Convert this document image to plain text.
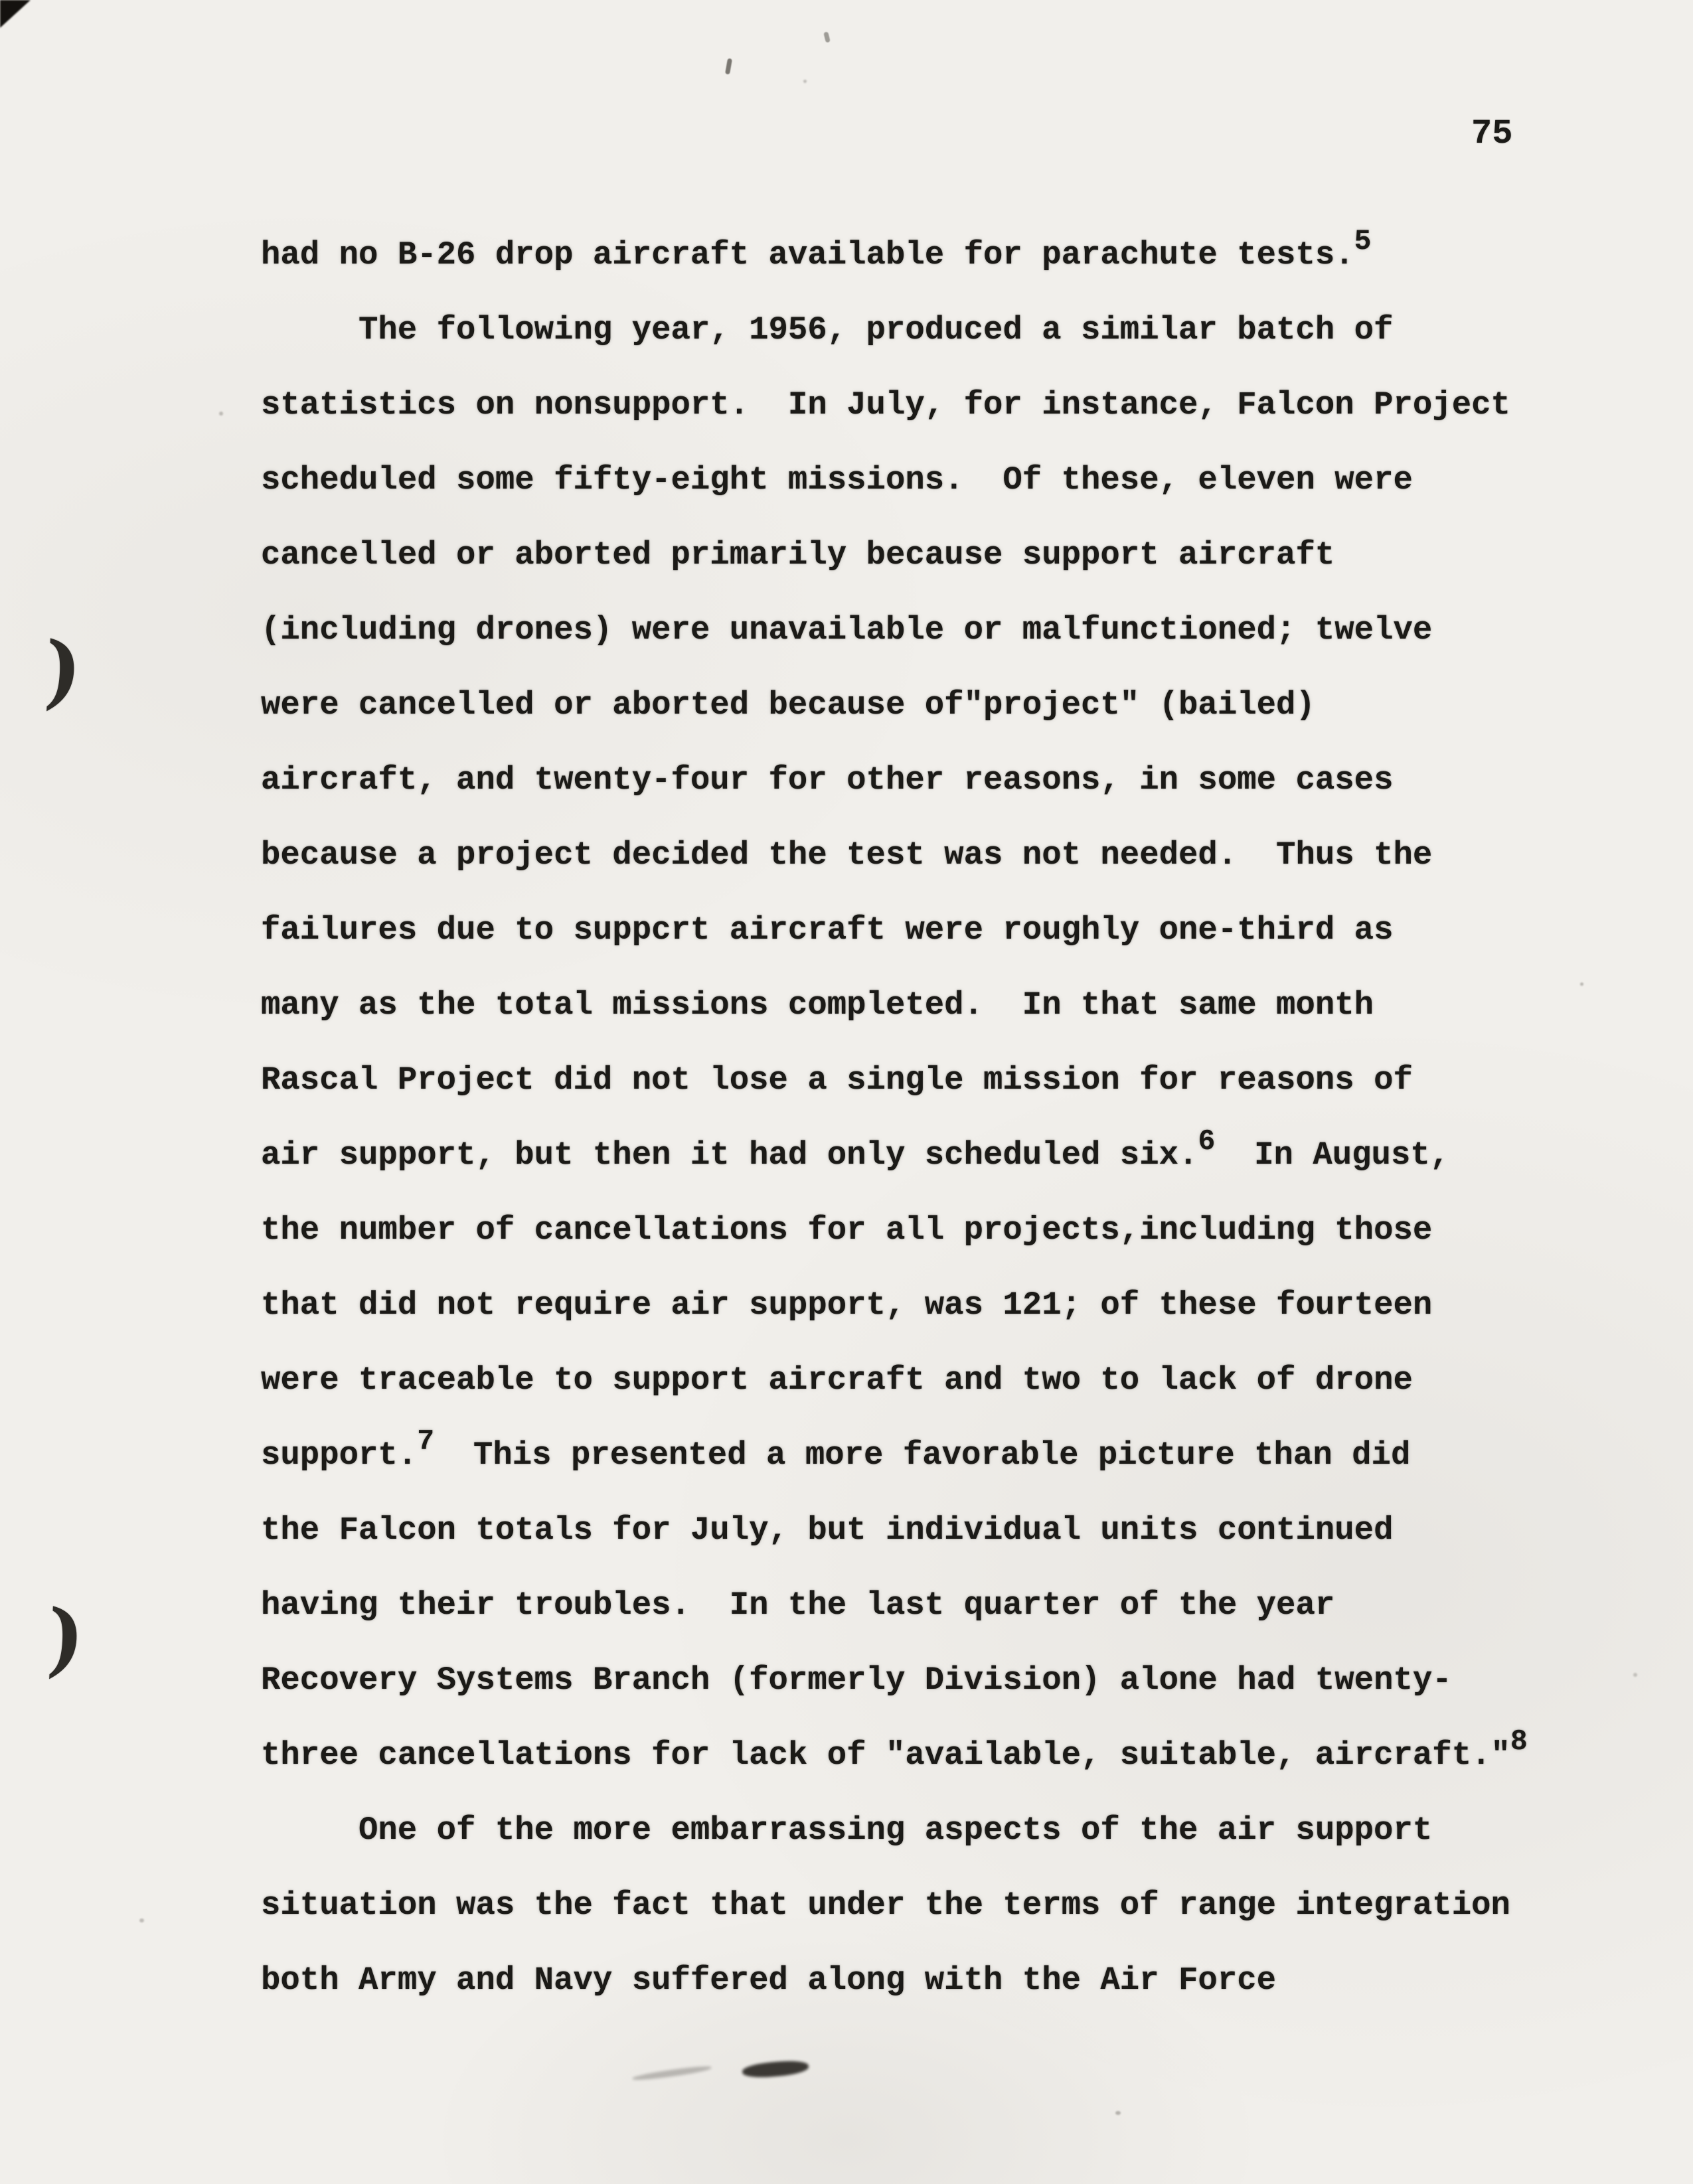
75
)
)
had no B-26 drop aircraft available for parachute tests.5
The following year, 1956, produced a similar batch of
statistics on nonsupport.  In July, for instance, Falcon Project
scheduled some fifty-eight missions.  Of these, eleven were
cancelled or aborted primarily because support aircraft
(including drones) were unavailable or malfunctioned; twelve
were cancelled or aborted because of"project" (bailed)
aircraft, and twenty-four for other reasons, in some cases
because a project decided the test was not needed.  Thus the
failures due to suppcrt aircraft were roughly one-third as
many as the total missions completed.  In that same month
Rascal Project did not lose a single mission for reasons of
air support, but then it had only scheduled six.6  In August,
the number of cancellations for all projects,including those
that did not require air support, was 121; of these fourteen
were traceable to support aircraft and two to lack of drone
support.7  This presented a more favorable picture than did
the Falcon totals for July, but individual units continued
having their troubles.  In the last quarter of the year
Recovery Systems Branch (formerly Division) alone had twenty-
three cancellations for lack of "available, suitable, aircraft."8
One of the more embarrassing aspects of the air support
situation was the fact that under the terms of range integration
both Army and Navy suffered along with the Air Force
